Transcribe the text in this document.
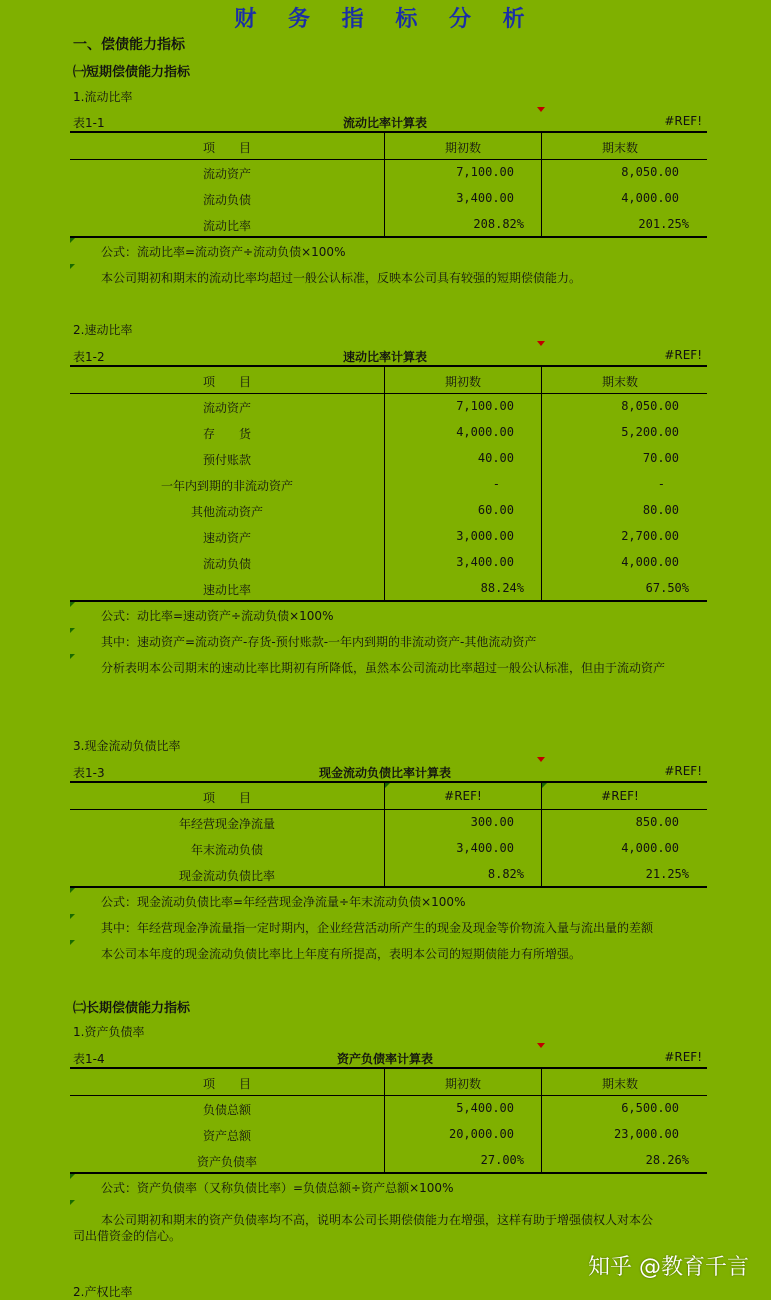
财 务 指 标 分 析
一、偿债能力指标
㈠短期偿债能力指标
1.流动比率
表1-1	流动比率计算表	#REF!
项　　目	期初数	期末数
流动资产	7,100.00	8,050.00
流动负债	3,400.00	4,000.00
流动比率	208.82%	201.25%
公式：流动比率=流动资产÷流动负债×100%
本公司期初和期末的流动比率均超过一般公认标准，反映本公司具有较强的短期偿债能力。
2.速动比率
表1-2	速动比率计算表	#REF!
项　　目	期初数	期末数
流动资产	7,100.00	8,050.00
存　　货	4,000.00	5,200.00
预付账款	40.00	70.00
一年内到期的非流动资产	-	-
其他流动资产	60.00	80.00
速动资产	3,000.00	2,700.00
流动负债	3,400.00	4,000.00
速动比率	88.24%	67.50%
公式：动比率=速动资产÷流动负债×100%
其中：速动资产=流动资产-存货-预付账款-一年内到期的非流动资产-其他流动资产
分析表明本公司期末的速动比率比期初有所降低，虽然本公司流动比率超过一般公认标准，但由于流动资产
3.现金流动负债比率
表1-3	现金流动负债比率计算表	#REF!
项　　目	#REF!	#REF!
年经营现金净流量	300.00	850.00
年末流动负债	3,400.00	4,000.00
现金流动负债比率	8.82%	21.25%
公式：现金流动负债比率=年经营现金净流量÷年末流动负债×100%
其中：年经营现金净流量指一定时期内，企业经营活动所产生的现金及现金等价物流入量与流出量的差额
本公司本年度的现金流动负债比率比上年度有所提高，表明本公司的短期债能力有所增强。
㈡长期偿债能力指标
1.资产负债率
表1-4	资产负债率计算表	#REF!
项　　目	期初数	期末数
负债总额	5,400.00	6,500.00
资产总额	20,000.00	23,000.00
资产负债率	27.00%	28.26%
公式：资产负债率（又称负债比率）=负债总额÷资产总额×100%
本公司期初和期末的资产负债率均不高，说明本公司长期偿债能力在增强，这样有助于增强债权人对本公
司出借资金的信心。
2.产权比率
知乎 @教育千言
